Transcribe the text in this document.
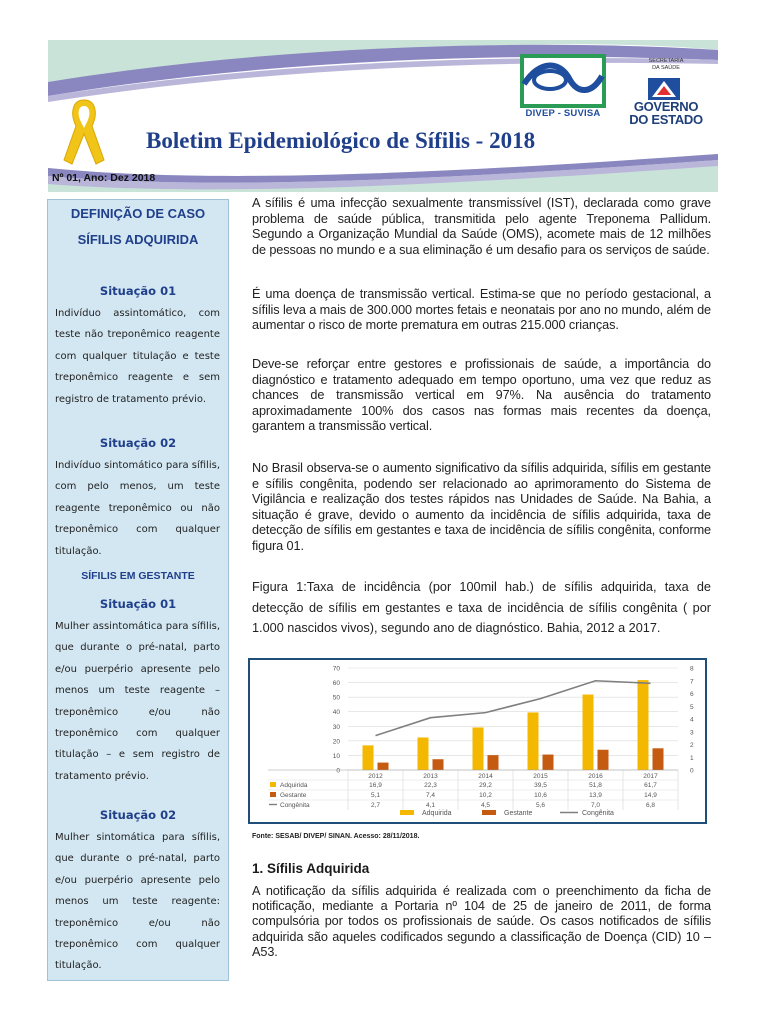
DIVEP - SUVISA
SECRETARIA
DA SAÚDE
GOVERNO
DO ESTADO
Boletim Epidemiológico de Sífilis - 2018
Nº 01, Ano: Dez 2018
DEFINIÇÃO DE CASO
SÍFILIS ADQUIRIDA
Situação 01
Indivíduo assintomático, com teste não treponêmico reagente com qualquer titulação e teste treponêmico reagente e sem registro de tratamento prévio.
Situação 02
Indivíduo sintomático para sífilis, com pelo menos, um teste reagente treponêmico ou não treponêmico com qualquer titulação.
SÍFILIS EM GESTANTE
Situação 01
Mulher assintomática para sífilis, que durante o pré-natal, parto e/ou puerpério apresente pelo menos um teste reagente – treponêmico e/ou não treponêmico com qualquer titulação – e sem registro de tratamento prévio.
Situação 02
Mulher sintomática para sífilis, que durante o pré-natal, parto e/ou puerpério apresente pelo menos um teste reagente: treponêmico e/ou não treponêmico com qualquer titulação.
A sífilis é uma infecção sexualmente transmissível (IST), declarada como grave problema de saúde pública, transmitida pelo agente Treponema Pallidum. Segundo a Organização Mundial da Saúde (OMS), acomete mais de 12 milhões de pessoas no mundo e a sua eliminação é um desafio para os serviços de saúde.
É uma doença de transmissão vertical. Estima-se que no período gestacional, a sífilis leva a mais de 300.000 mortes fetais e neonatais por ano no mundo, além de aumentar o risco de morte prematura em outras 215.000 crianças.
Deve-se reforçar entre gestores e profissionais de saúde, a importância do diagnóstico e tratamento adequado em tempo oportuno, uma vez que reduz as chances de transmissão vertical em 97%. Na ausência do tratamento aproximadamente 100% dos casos nas formas mais recentes da doença, garantem a transmissão vertical.
No Brasil observa-se o aumento significativo da sífilis adquirida, sífilis em gestante e sífilis congênita, podendo ser relacionado ao aprimoramento do Sistema de Vigilância e realização dos testes rápidos nas Unidades de Saúde. Na Bahia, a situação é grave, devido o aumento da incidência de sífilis adquirida, taxa de detecção de sífilis em gestantes e taxa de incidência de sífilis congênita, conforme figura 01.
Figura 1:Taxa de incidência (por 100mil hab.) de sífilis adquirida, taxa de detecção de sífilis em gestantes e taxa de incidência de sífilis congênita ( por 1.000 nascidos vivos), segundo ano de diagnóstico. Bahia, 2012 a 2017.
0
10
20
30
40
50
60
70
0
1
2
3
4
5
6
7
8
2012	2013	2014	2015	2016	2017
Adquirida	16,9	22,3	29,2	39,5	51,8	61,7
Gestante	5,1	7,4	10,2	10,6	13,9	14,9
Congênita	2,7	4,1	4,5	5,6	7,0	6,8
Adquirida	Gestante	Congênita
Fonte: SESAB/ DIVEP/ SINAN. Acesso: 28/11/2018.
1. Sífilis Adquirida
A notificação da sífilis adquirida é realizada com o preenchimento da ficha de notificação, mediante a Portaria nº 104 de 25 de janeiro de 2011, de forma compulsória por todos os profissionais de saúde. Os casos notificados de sífilis adquirida são aqueles codificados segundo a classificação de Doença (CID) 10 – A53.
